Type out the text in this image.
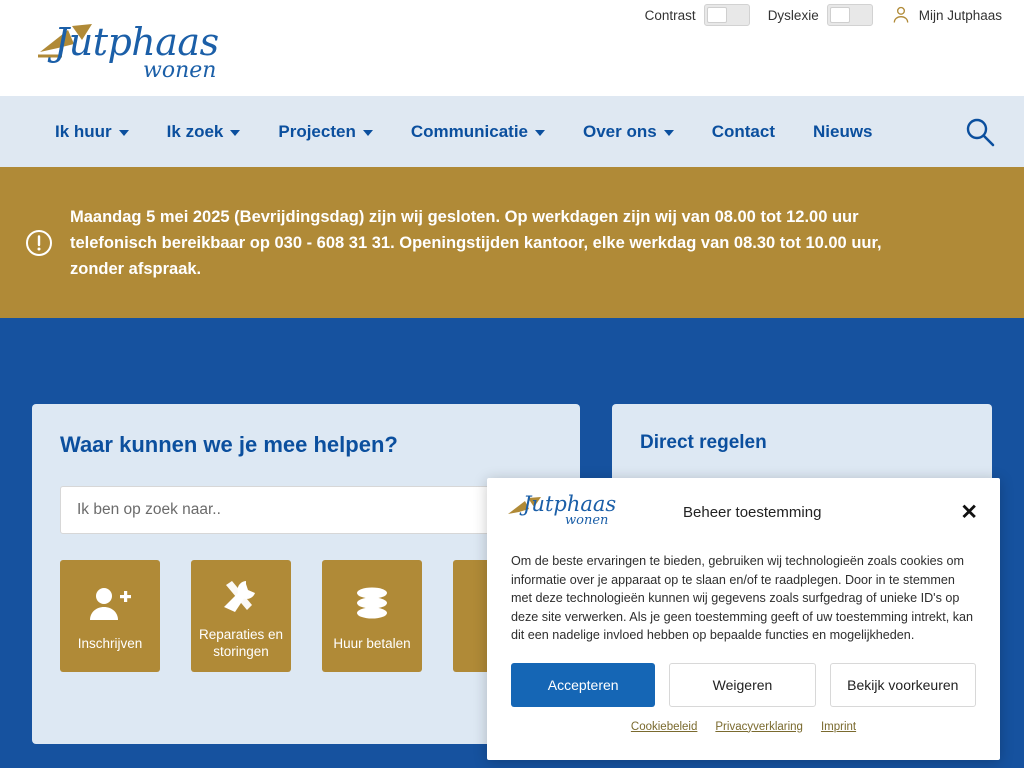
Jutphaas
wonen
Contrast	Dyslexie	Mijn Jutphaas
Ik huur	Ik zoek	Projecten	Communicatie	Over ons	Contact Nieuws
Maandag 5 mei 2025 (Bevrijdingsdag) zijn wij gesloten. Op werkdagen zijn wij van 08.00 tot 12.00 uur telefonisch bereikbaar op 030 - 608 31 31. Openingstijden kantoor, elke werkdag van 08.30 tot 10.00 uur, zonder afspraak.
Waar kunnen we je mee helpen?
Ik ben op zoek naar..
Inschrijven
Reparaties en storingen
Huur betalen
Direct regelen
Jutphaas
wonen	Beheer toestemming	✕
Om de beste ervaringen te bieden, gebruiken wij technologieën zoals cookies om informatie over je apparaat op te slaan en/of te raadplegen. Door in te stemmen met deze technologieën kunnen wij gegevens zoals surfgedrag of unieke ID's op deze site verwerken. Als je geen toestemming geeft of uw toestemming intrekt, kan dit een nadelige invloed hebben op bepaalde functies en mogelijkheden.
Accepteren	Weigeren	Bekijk voorkeuren
Cookiebeleid Privacyverklaring Imprint
